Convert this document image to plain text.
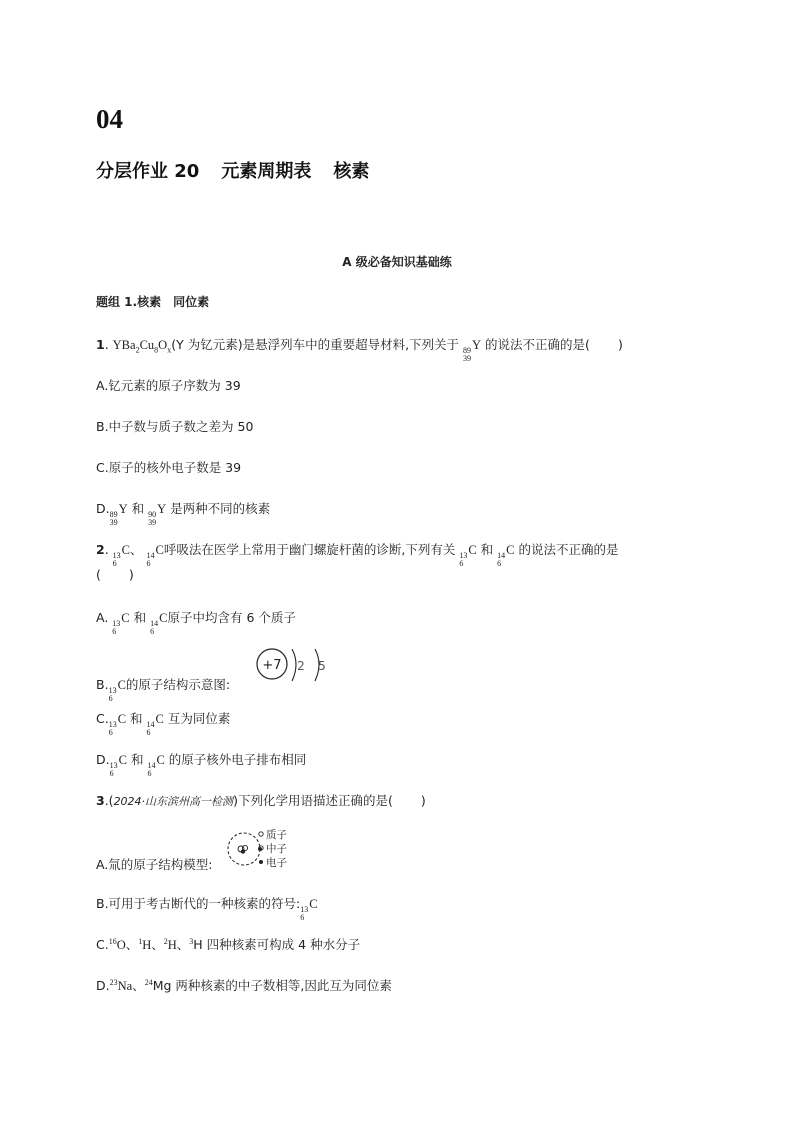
04
分层作业 20 元素周期表 核素
A 级必备知识基础练
题组 1.核素　同位素
1. $YBa_2Cu_8O_x(Y$ 为钇元素)是悬浮列车中的重要超导材料,下列关于 89
39
Y 的说法不正确的是( )
A.钇元素的原子序数为 39
B.中子数与质子数之差为 50
C.原子的核外电子数是 39
D. 89
39
Y 和 90
39
Y 是两种不同的核素
2. 13
6
C、 14
6
C呼吸法在医学上常用于幽门螺旋杆菌的诊断,下列有关 13
6
C 和 14
6
C 的说法不正确的是
( )
A. 13
6
C 和 14
6
C原子中均含有 6 个质子
B. 13
6
C的原子结构示意图:
+7 2 5
C. 13
6
C 和 14
6
C 互为同位素
D. 13
6
C 和 14
6
C 的原子核外电子排布相同
3.(2024·山东滨州高一检测)下列化学用语描述正确的是( )
A.氚的原子结构模型:
质子
中子
电子
B.可用于考古断代的一种核素的符号: 13
6
C
C.$^{16}$O、$^1$H、$^2$H、$^3$H 四种核素可构成 4 种水分子
D.$^{23}$Na、$^{24}$Mg 两种核素的中子数相等,因此互为同位素
